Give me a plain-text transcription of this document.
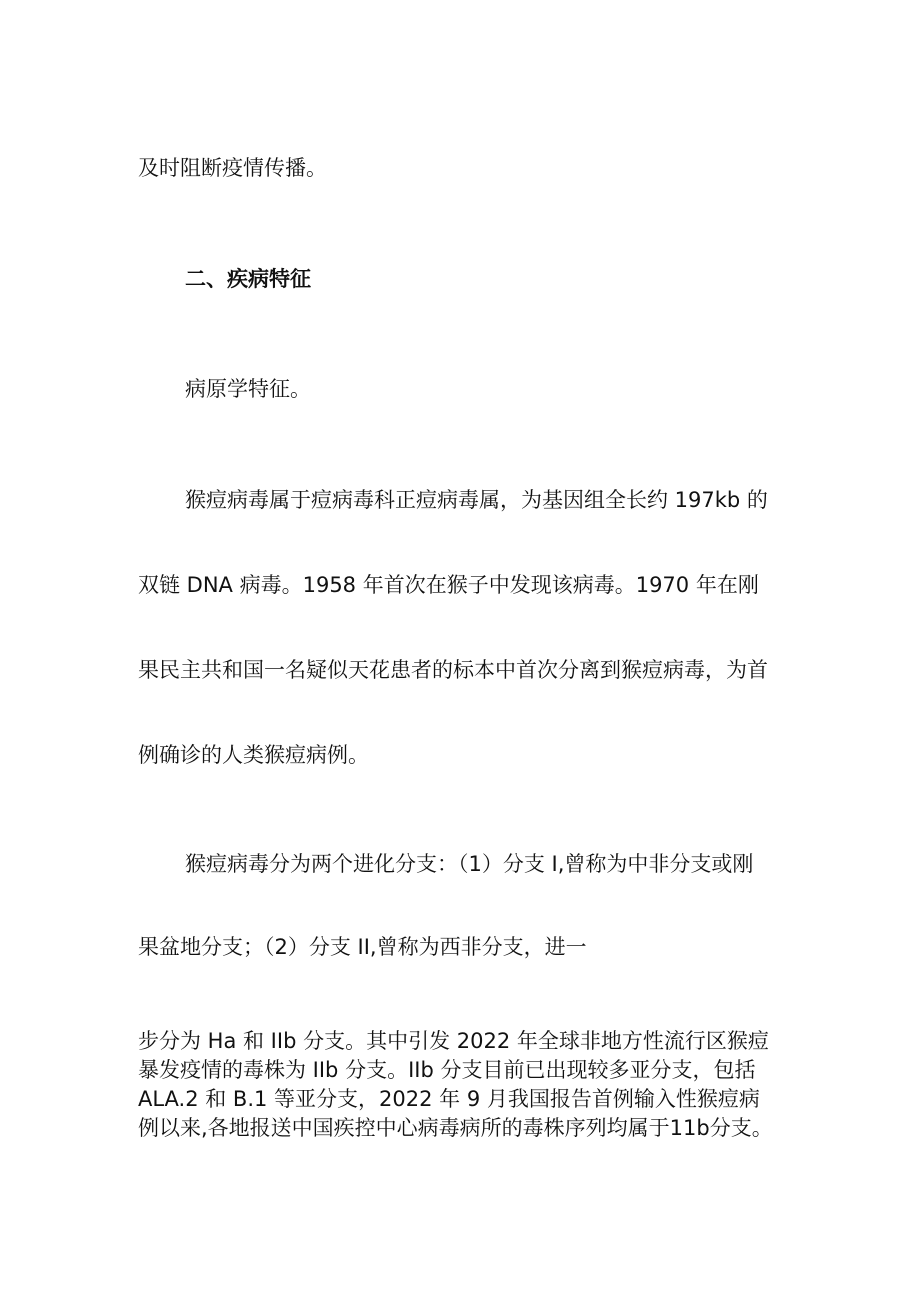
及时阻断疫情传播。
二、疾病特征
病原学特征。
猴痘病毒属于痘病毒科正痘病毒属，为基因组全长约 197kb 的
双链 DNA 病毒。1958 年首次在猴子中发现该病毒。1970 年在刚
果民主共和国一名疑似天花患者的标本中首次分离到猴痘病毒，为首
例确诊的人类猴痘病例。
猴痘病毒分为两个进化分支：（1）分支 I,曾称为中非分支或刚
果盆地分支；（2）分支 II,曾称为西非分支，进一
步分为 Ha 和 IIb 分支。其中引发 2022 年全球非地方性流行区猴痘
暴发疫情的毒株为 IIb 分支。IIb 分支目前已出现较多亚分支，包括
ALA.2 和 B.1 等亚分支，2022 年 9 月我国报告首例输入性猴痘病
例以来,各地报送中国疾控中心病毒病所的毒株序列均属于11b分支。
